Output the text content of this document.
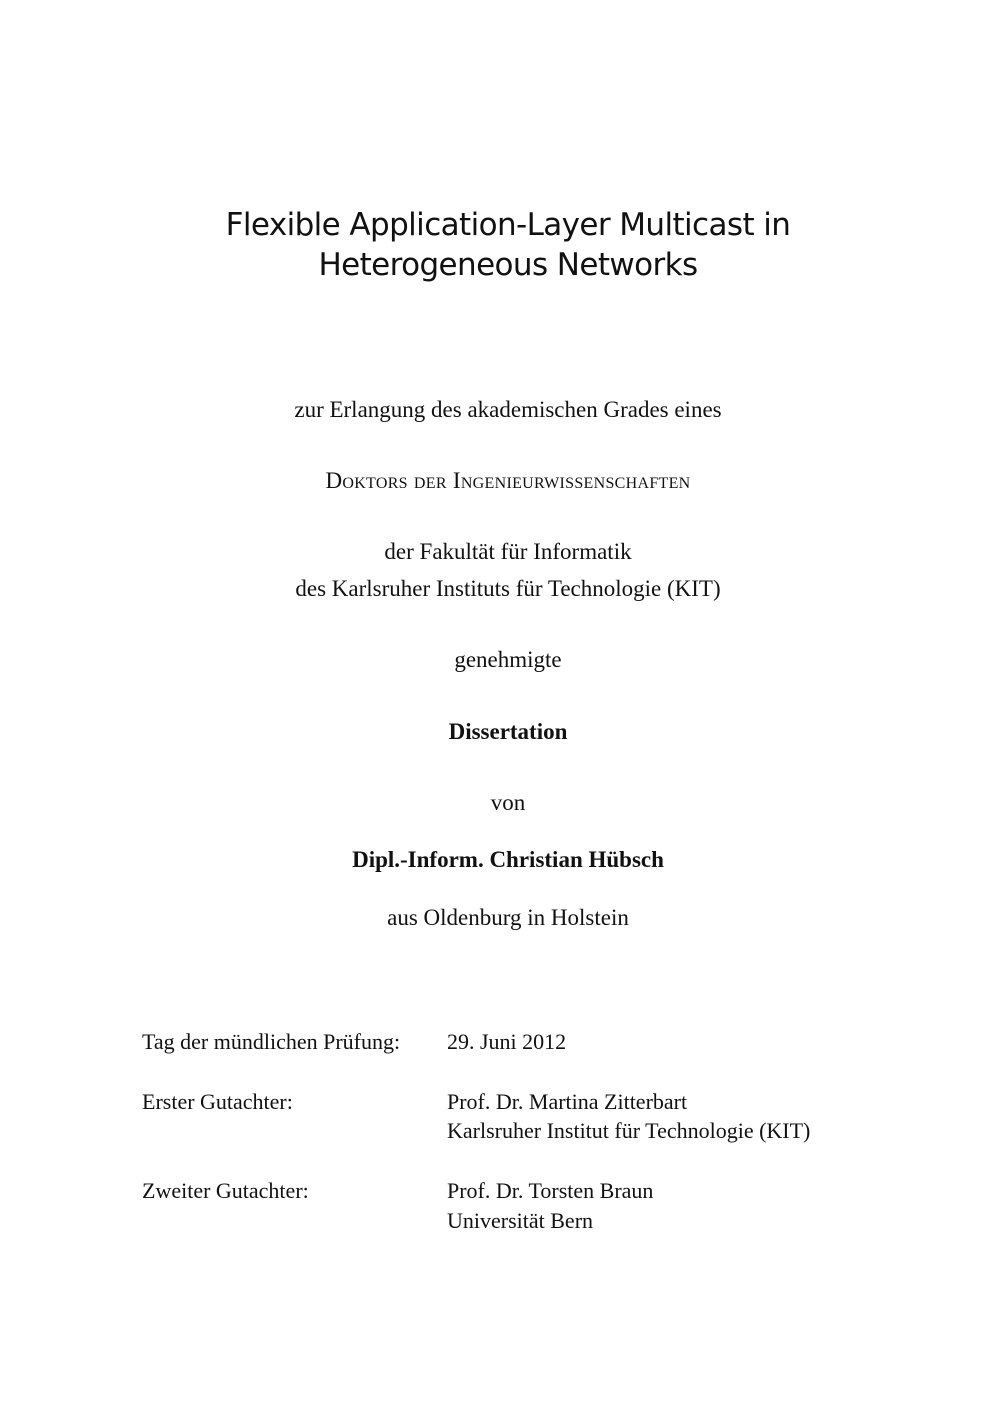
Flexible Application-Layer Multicast in
Heterogeneous Networks
zur Erlangung des akademischen Grades eines
Doktors der Ingenieurwissenschaften
der Fakultät für Informatik
des Karlsruher Instituts für Technologie (KIT)
genehmigte
Dissertation
von
Dipl.-Inform. Christian Hübsch
aus Oldenburg in Holstein
Tag der mündlichen Prüfung: 29. Juni 2012
Erster Gutachter:	Prof. Dr. Martina Zitterbart
Karlsruher Institut für Technologie (KIT)
Zweiter Gutachter:	Prof. Dr. Torsten Braun
Universität Bern
